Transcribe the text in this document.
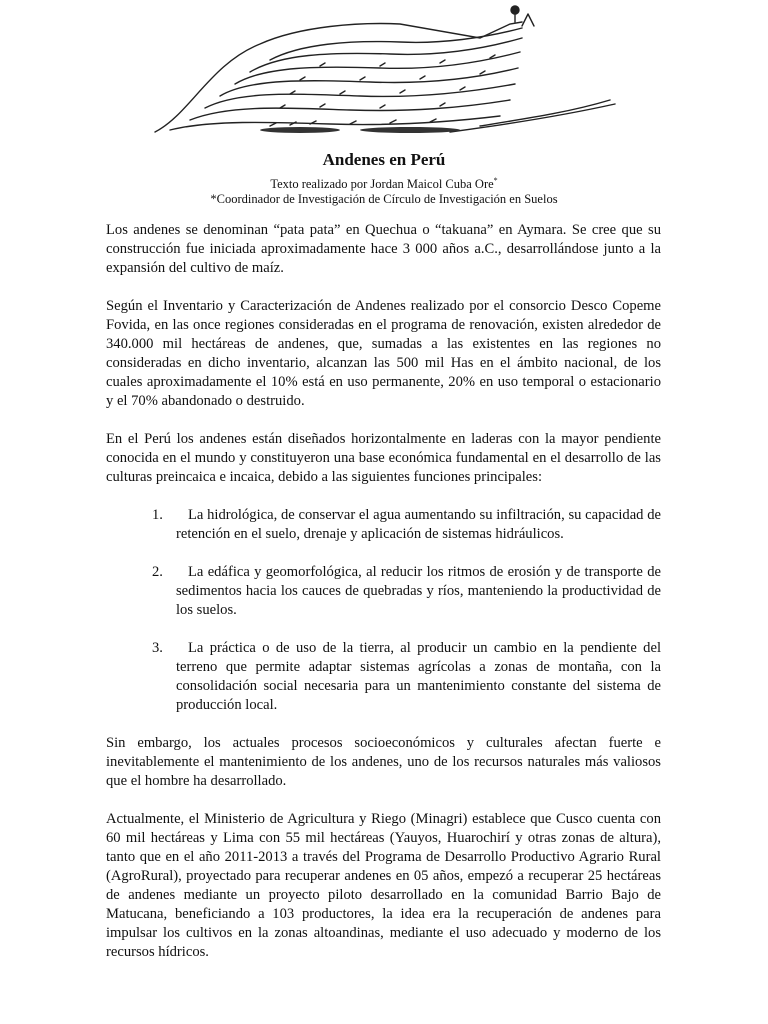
Andenes en Perú
Texto realizado por Jordan Maicol Cuba Ore*
*Coordinador de Investigación de Círculo de Investigación en Suelos

Los andenes se denominan “pata pata” en Quechua o “takuana” en Aymara. Se cree que su construcción fue iniciada aproximadamente hace 3 000 años a.C., desarrollándose junto a la expansión del cultivo de maíz.

Según el Inventario y Caracterización de Andenes realizado por el consorcio Desco Copeme Fovida, en las once regiones consideradas en el programa de renovación, existen alrededor de 340.000 mil hectáreas de andenes, que, sumadas a las existentes en las regiones no consideradas en dicho inventario, alcanzan las 500 mil Has en el ámbito nacional, de los cuales aproximadamente el 10% está en uso permanente, 20% en uso temporal o estacionario y el 70% abandonado o destruido.

En el Perú los andenes están diseñados horizontalmente en laderas con la mayor pendiente conocida en el mundo y constituyeron una base económica fundamental en el desarrollo de las culturas preincaica e incaica, debido a las siguientes funciones principales:

1.	La hidrológica, de conservar el agua aumentando su infiltración, su capacidad de retención en el suelo, drenaje y aplicación de sistemas hidráulicos.
2.	La edáfica y geomorfológica, al reducir los ritmos de erosión y de transporte de sedimentos hacia los cauces de quebradas y ríos, manteniendo la productividad de los suelos.
3.	La práctica o de uso de la tierra, al producir un cambio en la pendiente del terreno que permite adaptar sistemas agrícolas a zonas de montaña, con la consolidación social necesaria para un mantenimiento constante del sistema de producción local.

Sin embargo, los actuales procesos socioeconómicos y culturales afectan fuerte e inevitablemente el mantenimiento de los andenes, uno de los recursos naturales más valiosos que el hombre ha desarrollado.

Actualmente, el Ministerio de Agricultura y Riego (Minagri) establece que Cusco cuenta con 60 mil hectáreas y Lima con 55 mil hectáreas (Yauyos, Huarochirí y otras zonas de altura), tanto que en el año 2011-2013 a través del Programa de Desarrollo Productivo Agrario Rural (AgroRural), proyectado para recuperar andenes en 05 años, empezó a recuperar 25 hectáreas de andenes mediante un proyecto piloto desarrollado en la comunidad Barrio Bajo de Matucana, beneficiando a 103 productores, la idea era la recuperación de andenes para impulsar los cultivos en la zonas altoandinas, mediante el uso adecuado y moderno de los recursos hídricos.
